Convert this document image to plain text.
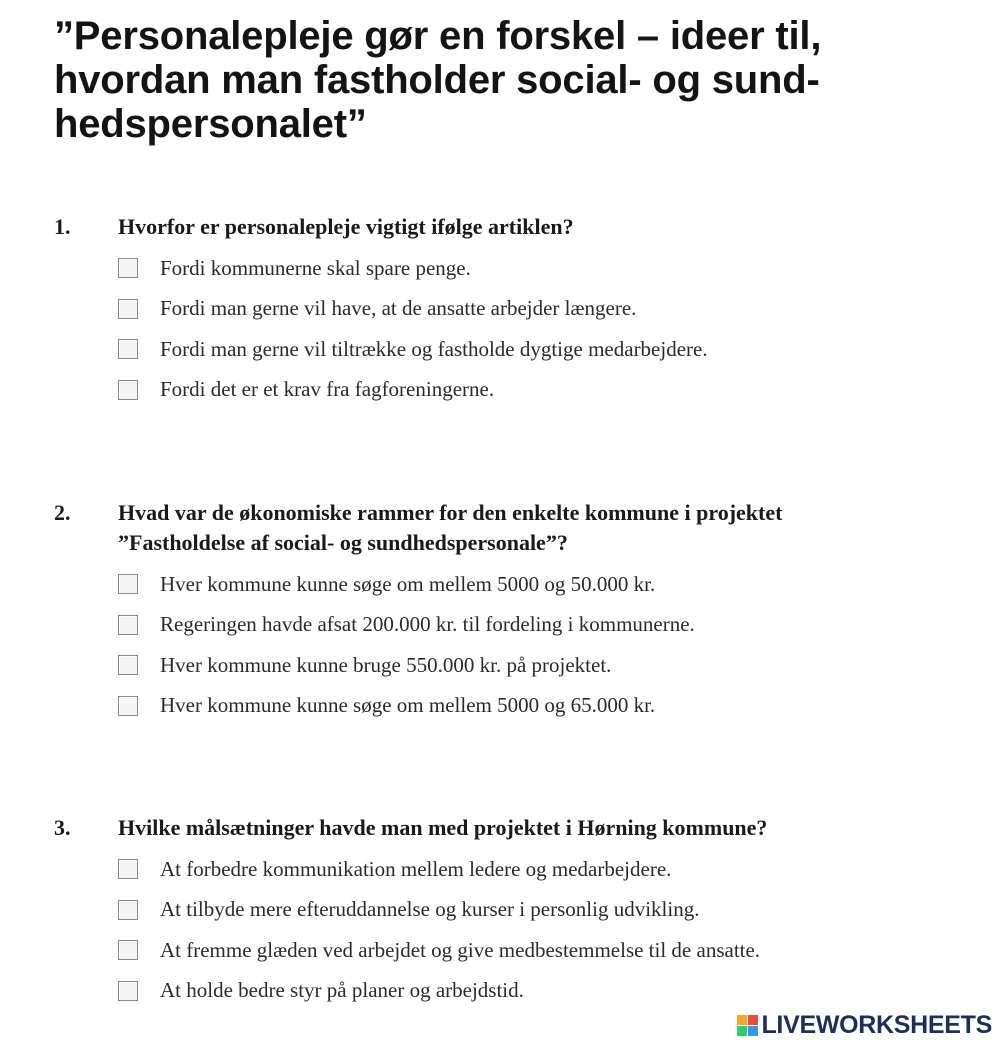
”Personalepleje gør en forskel – ideer til,
hvordan man fastholder social- og sund-
hedspersonalet”
1. Hvorfor er personalepleje vigtigt ifølge artiklen?
Fordi kommunerne skal spare penge.
Fordi man gerne vil have, at de ansatte arbejder længere.
Fordi man gerne vil tiltrække og fastholde dygtige medarbejdere.
Fordi det er et krav fra fagforeningerne.
2. Hvad var de økonomiske rammer for den enkelte kommune i projektet
”Fastholdelse af social- og sundhedspersonale”?
Hver kommune kunne søge om mellem 5000 og 50.000 kr.
Regeringen havde afsat 200.000 kr. til fordeling i kommunerne.
Hver kommune kunne bruge 550.000 kr. på projektet.
Hver kommune kunne søge om mellem 5000 og 65.000 kr.
3. Hvilke målsætninger havde man med projektet i Hørning kommune?
At forbedre kommunikation mellem ledere og medarbejdere.
At tilbyde mere efteruddannelse og kurser i personlig udvikling.
At fremme glæden ved arbejdet og give medbestemmelse til de ansatte.
At holde bedre styr på planer og arbejdstid.
LIVEWORKSHEETS
